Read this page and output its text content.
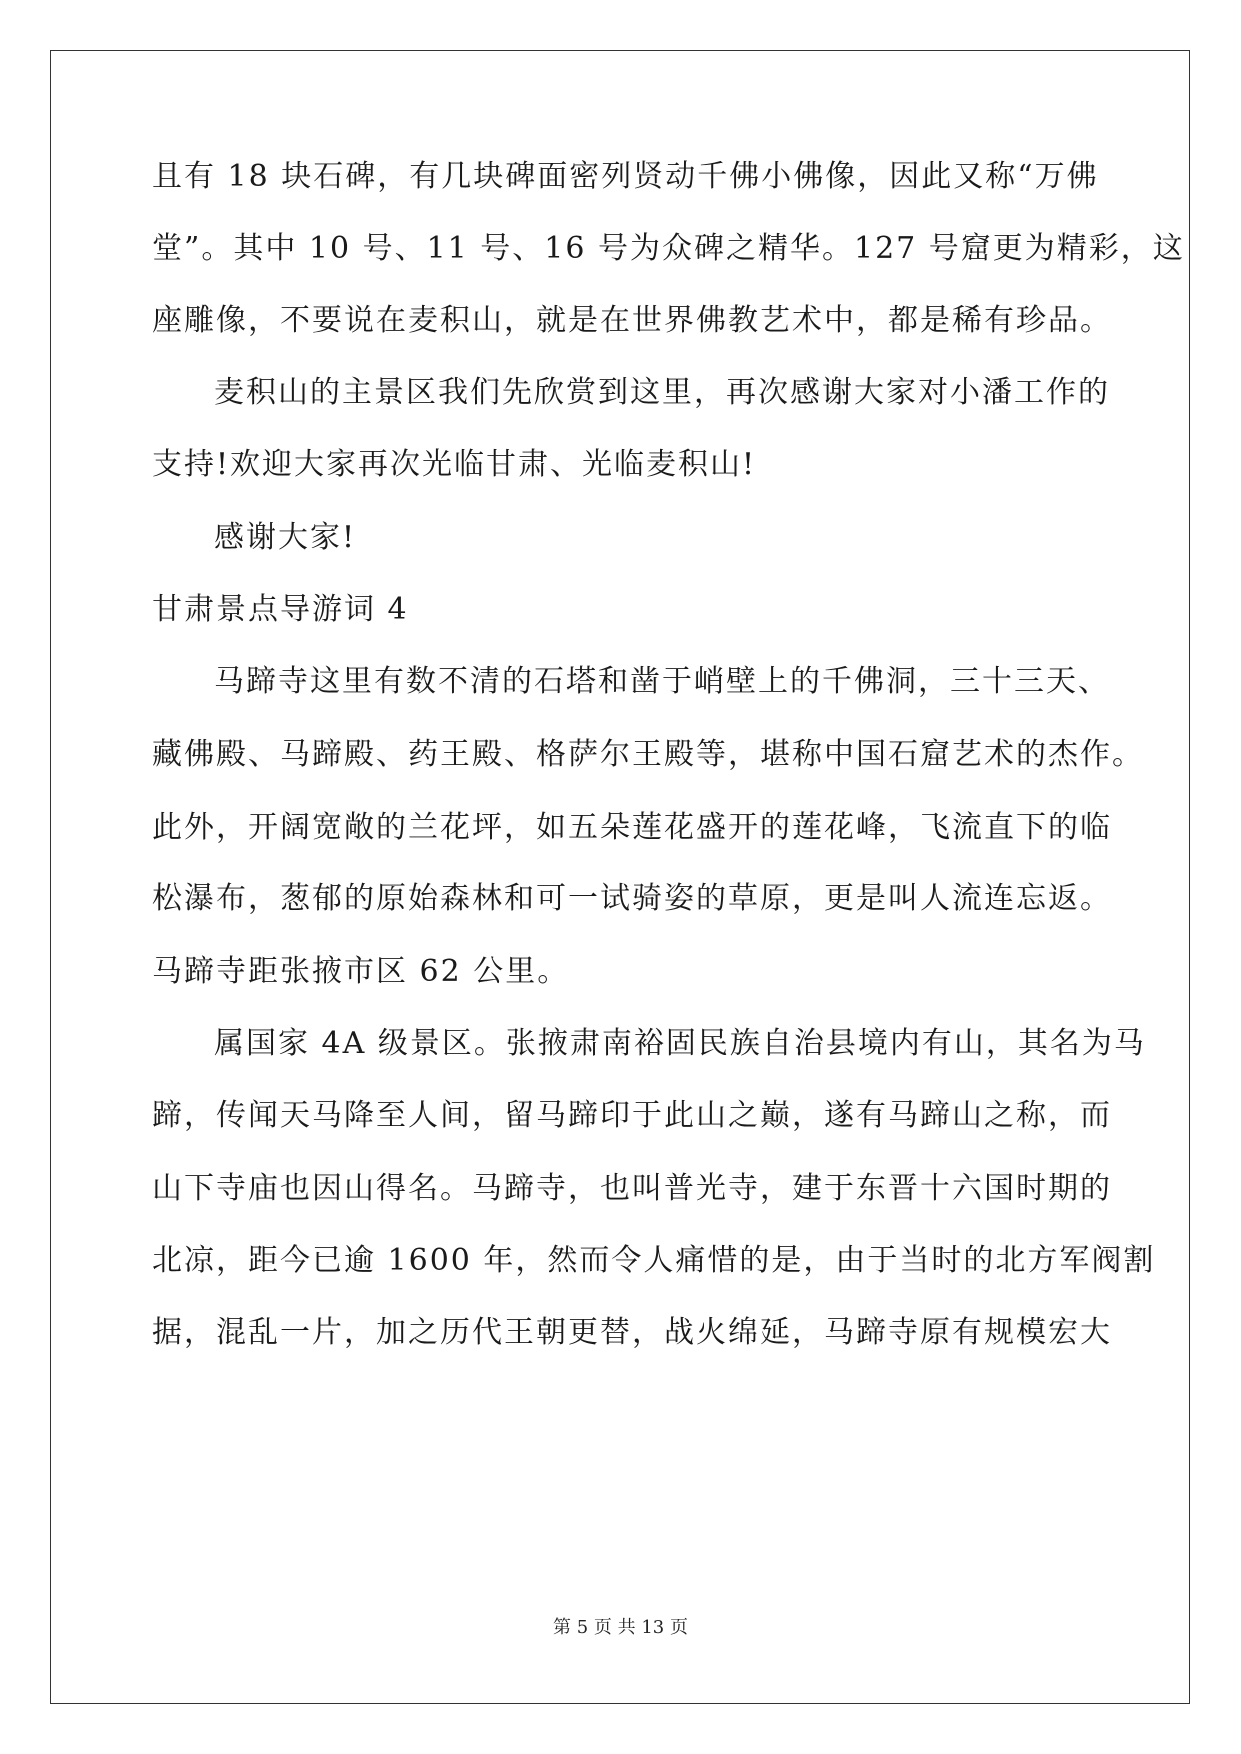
且有 18 块石碑，有几块碑面密列贤动千佛小佛像，因此又称“万佛
堂”。其中 10 号、11 号、16 号为众碑之精华。127 号窟更为精彩，这
座雕像，不要说在麦积山，就是在世界佛教艺术中，都是稀有珍品。
麦积山的主景区我们先欣赏到这里，再次感谢大家对小潘工作的
支持!欢迎大家再次光临甘肃、光临麦积山!
感谢大家!
甘肃景点导游词 4
马蹄寺这里有数不清的石塔和凿于峭壁上的千佛洞，三十三天、
藏佛殿、马蹄殿、药王殿、格萨尔王殿等，堪称中国石窟艺术的杰作。
此外，开阔宽敞的兰花坪，如五朵莲花盛开的莲花峰，飞流直下的临
松瀑布，葱郁的原始森林和可一试骑姿的草原，更是叫人流连忘返。
马蹄寺距张掖市区 62 公里。
属国家 4A 级景区。张掖肃南裕固民族自治县境内有山，其名为马
蹄，传闻天马降至人间，留马蹄印于此山之巅，遂有马蹄山之称，而
山下寺庙也因山得名。马蹄寺，也叫普光寺，建于东晋十六国时期的
北凉，距今已逾 1600 年，然而令人痛惜的是，由于当时的北方军阀割
据，混乱一片，加之历代王朝更替，战火绵延，马蹄寺原有规模宏大
第 5 页 共 13 页
